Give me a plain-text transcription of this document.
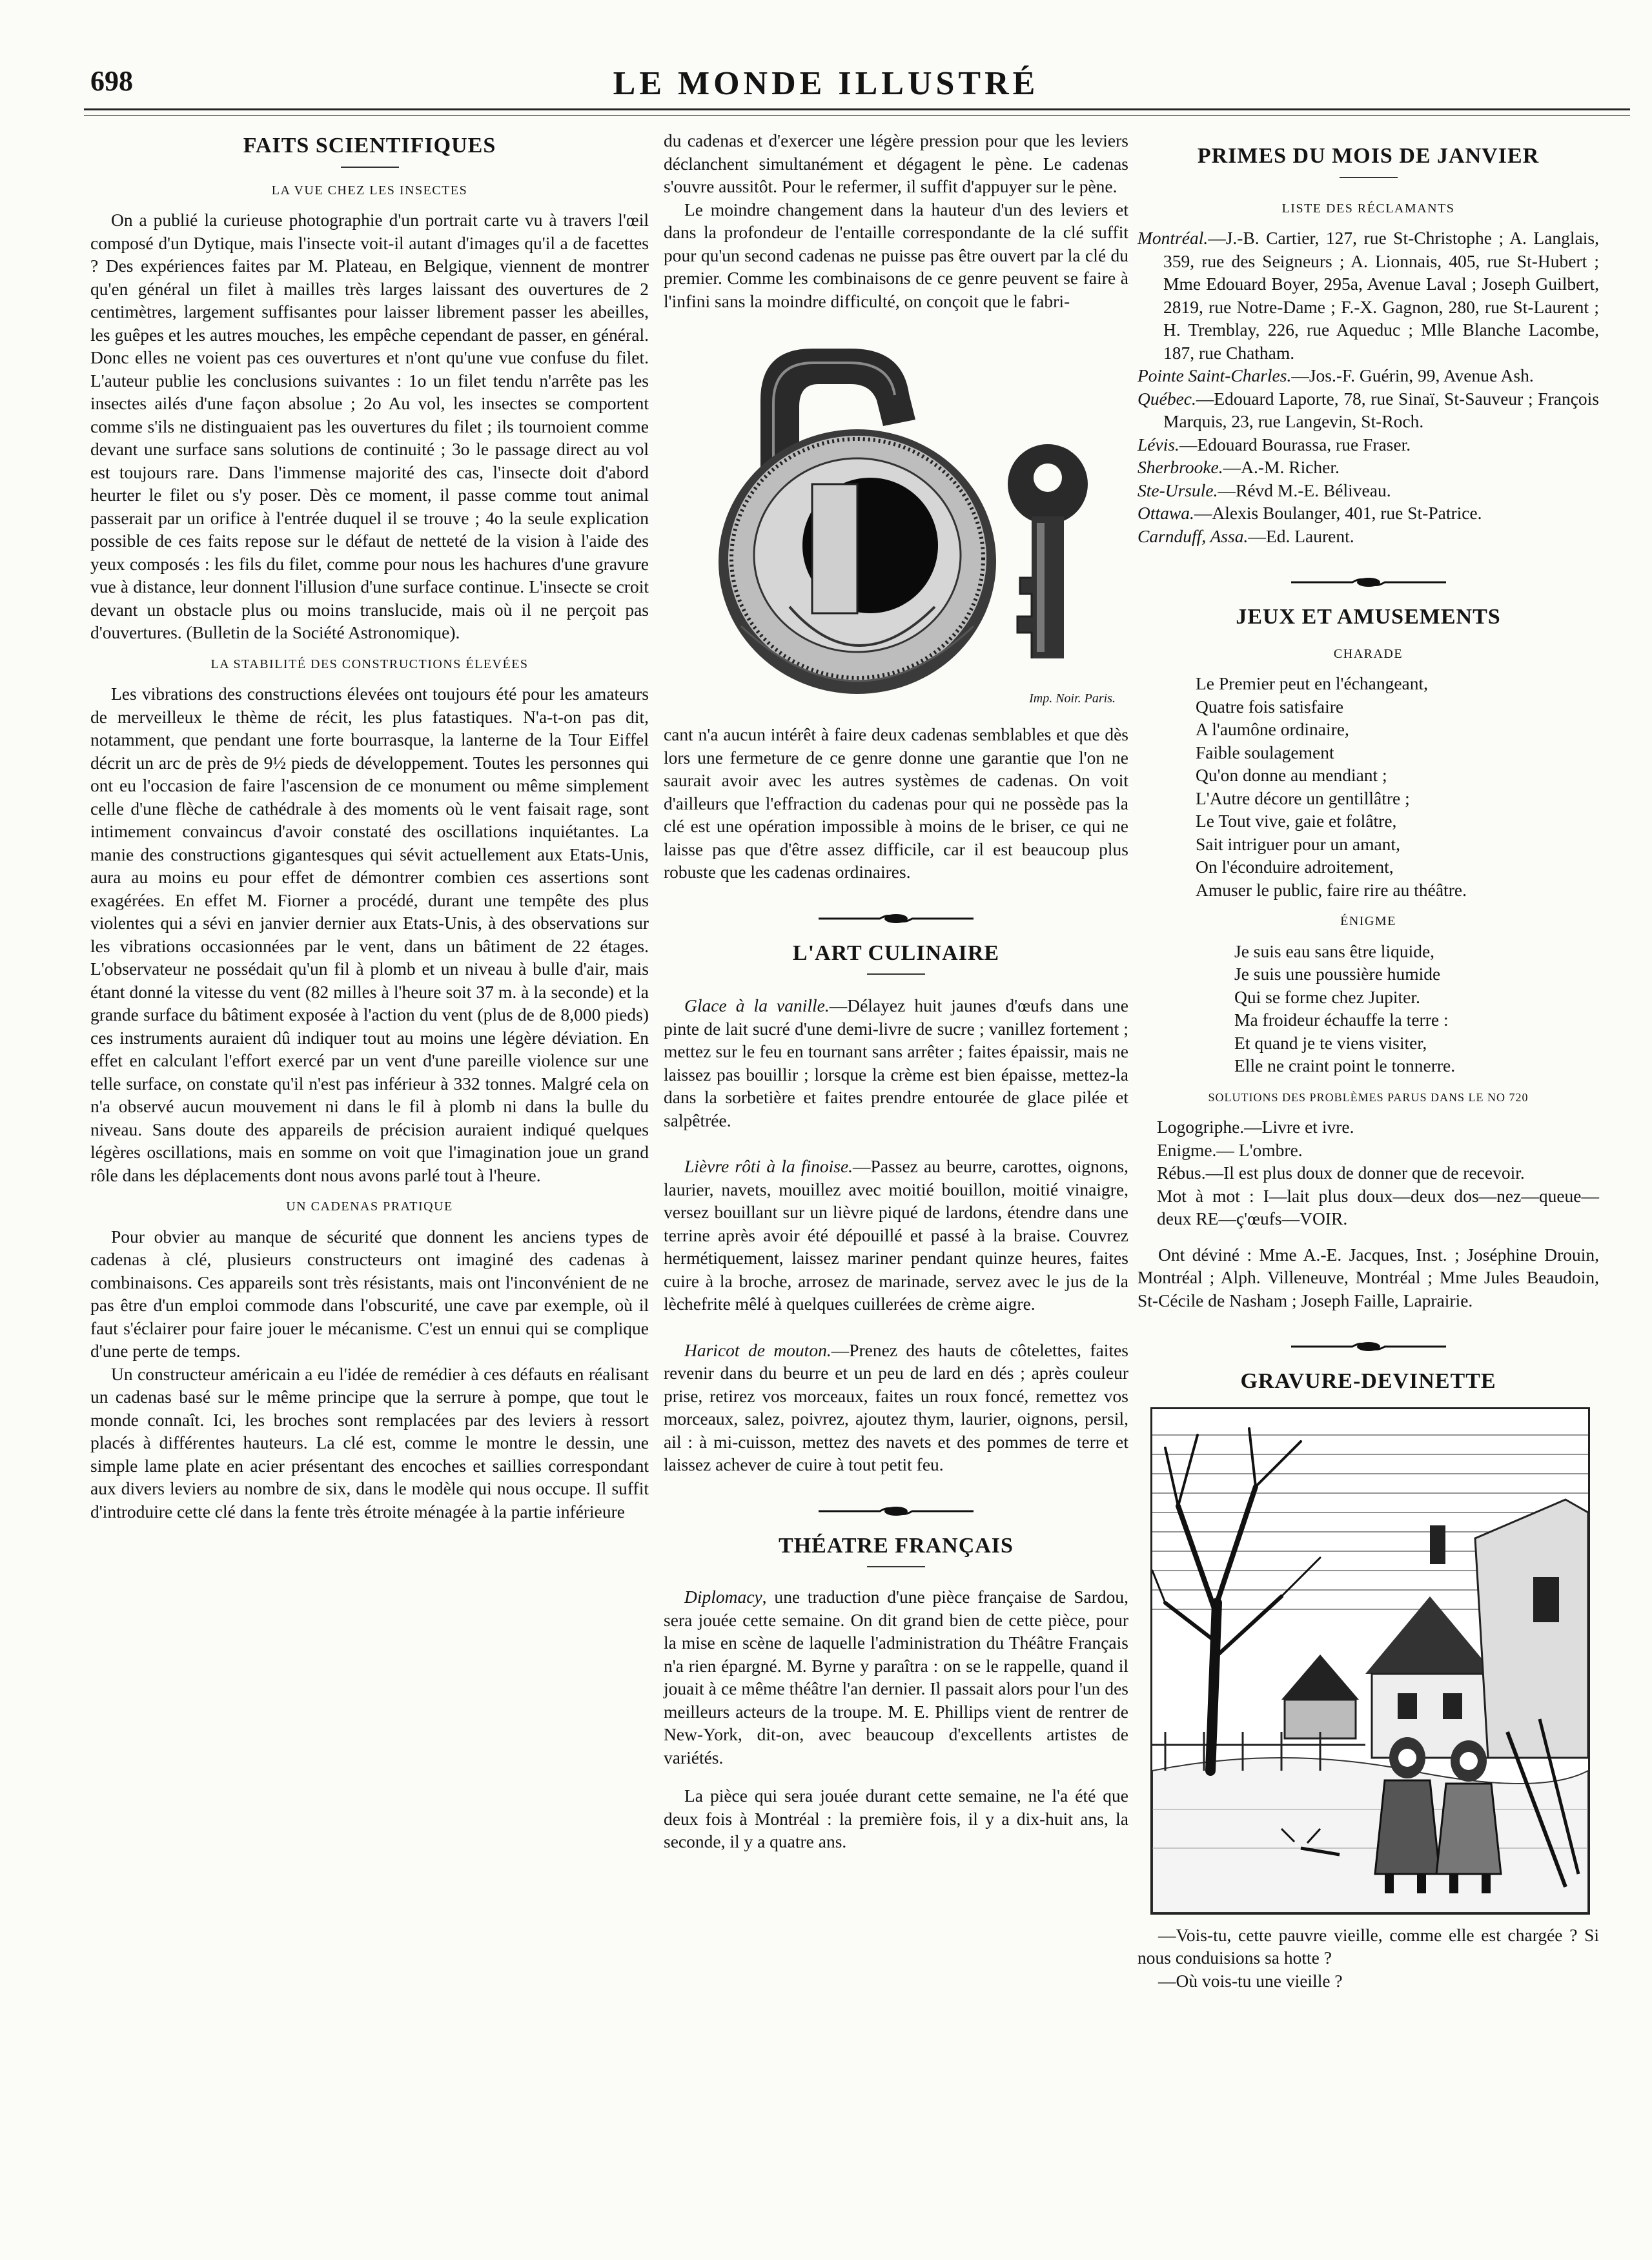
698	LE MONDE ILLUSTRÉ
FAITS SCIENTIFIQUES
LA VUE CHEZ LES INSECTES

On a publié la curieuse photographie d'un portrait carte vu à travers l'œil composé d'un Dytique, mais l'insecte voit-il autant d'images qu'il a de facettes ? Des expériences faites par M. Plateau, en Belgique, viennent de montrer qu'en général un filet à mailles très larges laissant des ouvertures de 2 centimètres, largement suffisantes pour laisser librement passer les abeilles, les guêpes et les autres mouches, les empêche cependant de passer, en général. Donc elles ne voient pas ces ouvertures et n'ont qu'une vue confuse du filet. L'auteur publie les conclusions suivantes : 1o un filet tendu n'arrête pas les insectes ailés d'une façon absolue ; 2o Au vol, les insectes se comportent comme s'ils ne distinguaient pas les ouvertures du filet ; ils tournoient comme devant une surface sans solutions de continuité ; 3o le passage direct au vol est toujours rare. Dans l'immense majorité des cas, l'insecte doit d'abord heurter le filet ou s'y poser. Dès ce moment, il passe comme tout animal passerait par un orifice à l'entrée duquel il se trouve ; 4o la seule explication possible de ces faits repose sur le défaut de netteté de la vision à l'aide des yeux composés : les fils du filet, comme pour nous les hachures d'une gravure vue à distance, leur donnent l'illusion d'une surface continue. L'insecte se croit devant un obstacle plus ou moins translucide, mais où il ne perçoit pas d'ouvertures. (Bulletin de la Société Astronomique).

LA STABILITÉ DES CONSTRUCTIONS ÉLEVÉES

Les vibrations des constructions élevées ont toujours été pour les amateurs de merveilleux le thème de récit, les plus fatastiques. N'a-t-on pas dit, notamment, que pendant une forte bourrasque, la lanterne de la Tour Eiffel décrit un arc de près de 9½ pieds de développement. Toutes les personnes qui ont eu l'occasion de faire l'ascension de ce monument ou même simplement celle d'une flèche de cathédrale à des moments où le vent faisait rage, sont intimement convaincus d'avoir constaté des oscillations inquiétantes. La manie des constructions gigantesques qui sévit actuellement aux Etats-Unis, aura au moins eu pour effet de démontrer combien ces assertions sont exagérées. En effet M. Fiorner a procédé, durant une tempête des plus violentes qui a sévi en janvier dernier aux Etats-Unis, à des observations sur les vibrations occasionnées par le vent, dans un bâtiment de 22 étages. L'observateur ne possédait qu'un fil à plomb et un niveau à bulle d'air, mais étant donné la vitesse du vent (82 milles à l'heure soit 37 m. à la seconde) et la grande surface du bâtiment exposée à l'action du vent (plus de de 8,000 pieds) ces instruments auraient dû indiquer tout au moins une légère déviation. En effet en calculant l'effort exercé par un vent d'une pareille violence sur une telle surface, on constate qu'il n'est pas inférieur à 332 tonnes. Malgré cela on n'a observé aucun mouvement ni dans le fil à plomb ni dans la bulle du niveau. Sans doute des appareils de précision auraient indiqué quelques légères oscillations, mais en somme on voit que l'imagination joue un grand rôle dans les déplacements dont nous avons parlé tout à l'heure.

UN CADENAS PRATIQUE

Pour obvier au manque de sécurité que donnent les anciens types de cadenas à clé, plusieurs constructeurs ont imaginé des cadenas à combinaisons. Ces appareils sont très résistants, mais ont l'inconvénient de ne pas être d'un emploi commode dans l'obscurité, une cave par exemple, où il faut s'éclairer pour faire jouer le mécanisme. C'est un ennui qui se complique d'une perte de temps.

Un constructeur américain a eu l'idée de remédier à ces défauts en réalisant un cadenas basé sur le même principe que la serrure à pompe, que tout le monde connaît. Ici, les broches sont remplacées par des leviers à ressort placés à différentes hauteurs. La clé est, comme le montre le dessin, une simple lame plate en acier présentant des encoches et saillies correspondant aux divers leviers au nombre de six, dans le modèle qui nous occupe. Il suffit d'introduire cette clé dans la fente très étroite ménagée à la partie inférieure

du cadenas et d'exercer une légère pression pour que les leviers déclanchent simultanément et dégagent le pène. Le cadenas s'ouvre aussitôt. Pour le refermer, il suffit d'appuyer sur le pène.

Le moindre changement dans la hauteur d'un des leviers et dans la profondeur de l'entaille correspondante de la clé suffit pour qu'un second cadenas ne puisse pas être ouvert par la clé du premier. Comme les combinaisons de ce genre peuvent se faire à l'infini sans la moindre difficulté, on conçoit que le fabri-

Imp. Noir. Paris.

cant n'a aucun intérêt à faire deux cadenas semblables et que dès lors une fermeture de ce genre donne une garantie que l'on ne saurait avoir avec les autres systèmes de cadenas. On voit d'ailleurs que l'effraction du cadenas pour qui ne possède pas la clé est une opération impossible à moins de le briser, ce qui ne laisse pas que d'être assez difficile, car il est beaucoup plus robuste que les cadenas ordinaires.

L'ART CULINAIRE

Glace à la vanille.—Délayez huit jaunes d'œufs dans une pinte de lait sucré d'une demi-livre de sucre ; vanillez fortement ; mettez sur le feu en tournant sans arrêter ; faites épaissir, mais ne laissez pas bouillir ; lorsque la crème est bien épaisse, mettez-la dans la sorbetière et faites prendre entourée de glace pilée et salpêtrée.

Lièvre rôti à la finoise.—Passez au beurre, carottes, oignons, laurier, navets, mouillez avec moitié bouillon, moitié vinaigre, versez bouillant sur un lièvre piqué de lardons, étendre dans une terrine après avoir été dépouillé et passé à la braise. Couvrez hermétiquement, laissez mariner pendant quinze heures, faites cuire à la broche, arrosez de marinade, servez avec le jus de la lèchefrite mêlé à quelques cuillerées de crème aigre.

Haricot de mouton.—Prenez des hauts de côtelettes, faites revenir dans du beurre et un peu de lard en dés ; après couleur prise, retirez vos morceaux, faites un roux foncé, remettez vos morceaux, salez, poivrez, ajoutez thym, laurier, oignons, persil, ail : à mi-cuisson, mettez des navets et des pommes de terre et laissez achever de cuire à tout petit feu.

THÉATRE FRANÇAIS

Diplomacy, une traduction d'une pièce française de Sardou, sera jouée cette semaine. On dit grand bien de cette pièce, pour la mise en scène de laquelle l'administration du Théâtre Français n'a rien épargné. M. Byrne y paraîtra : on se le rappelle, quand il jouait à ce même théâtre l'an dernier. Il passait alors pour l'un des meilleurs acteurs de la troupe. M. E. Phillips vient de rentrer de New-York, dit-on, avec beaucoup d'excellents artistes de variétés.

La pièce qui sera jouée durant cette semaine, ne l'a été que deux fois à Montréal : la première fois, il y a dix-huit ans, la seconde, il y a quatre ans.

PRIMES DU MOIS DE JANVIER
LISTE DES RÉCLAMANTS
Montréal.—J.-B. Cartier, 127, rue St-Christophe ; A. Langlais, 359, rue des Seigneurs ; A. Lionnais, 405, rue St-Hubert ; Mme Edouard Boyer, 295a, Avenue Laval ; Joseph Guilbert, 2819, rue Notre-Dame ; F.-X. Gagnon, 280, rue St-Laurent ; H. Tremblay, 226, rue Aqueduc ; Mlle Blanche Lacombe, 187, rue Chatham.
Pointe Saint-Charles.—Jos.-F. Guérin, 99, Avenue Ash.
Québec.—Edouard Laporte, 78, rue Sinaï, St-Sauveur ; François Marquis, 23, rue Langevin, St-Roch.
Lévis.—Edouard Bourassa, rue Fraser.
Sherbrooke.—A.-M. Richer.
Ste-Ursule.—Révd M.-E. Béliveau.
Ottawa.—Alexis Boulanger, 401, rue St-Patrice.
Carnduff, Assa.—Ed. Laurent.
JEUX ET AMUSEMENTS
CHARADE
Le Premier peut en l'échangeant,
Quatre fois satisfaire
A l'aumône ordinaire,
Faible soulagement
Qu'on donne au mendiant ;
L'Autre décore un gentillâtre ;
Le Tout vive, gaie et folâtre,
Sait intriguer pour un amant,
On l'éconduire adroitement,
Amuser le public, faire rire au théâtre.
ÉNIGME
Je suis eau sans être liquide,
Je suis une poussière humide
Qui se forme chez Jupiter.
Ma froideur échauffe la terre :
Et quand je te viens visiter,
Elle ne craint point le tonnerre.
SOLUTIONS DES PROBLÈMES PARUS DANS LE NO 720
Logogriphe.—Livre et ivre.
Enigme.— L'ombre.
Rébus.—Il est plus doux de donner que de recevoir.
Mot à mot : I—lait plus doux—deux dos—nez—queue—deux RE—ç'œufs—VOIR.

Ont déviné : Mme A.-E. Jacques, Inst. ; Joséphine Drouin, Montréal ; Alph. Villeneuve, Montréal ; Mme Jules Beaudoin, St-Cécile de Nasham ; Joseph Faille, Laprairie.

GRAVURE-DEVINETTE

—Vois-tu, cette pauvre vieille, comme elle est chargée ? Si nous conduisions sa hotte ?

—Où vois-tu une vieille ?
